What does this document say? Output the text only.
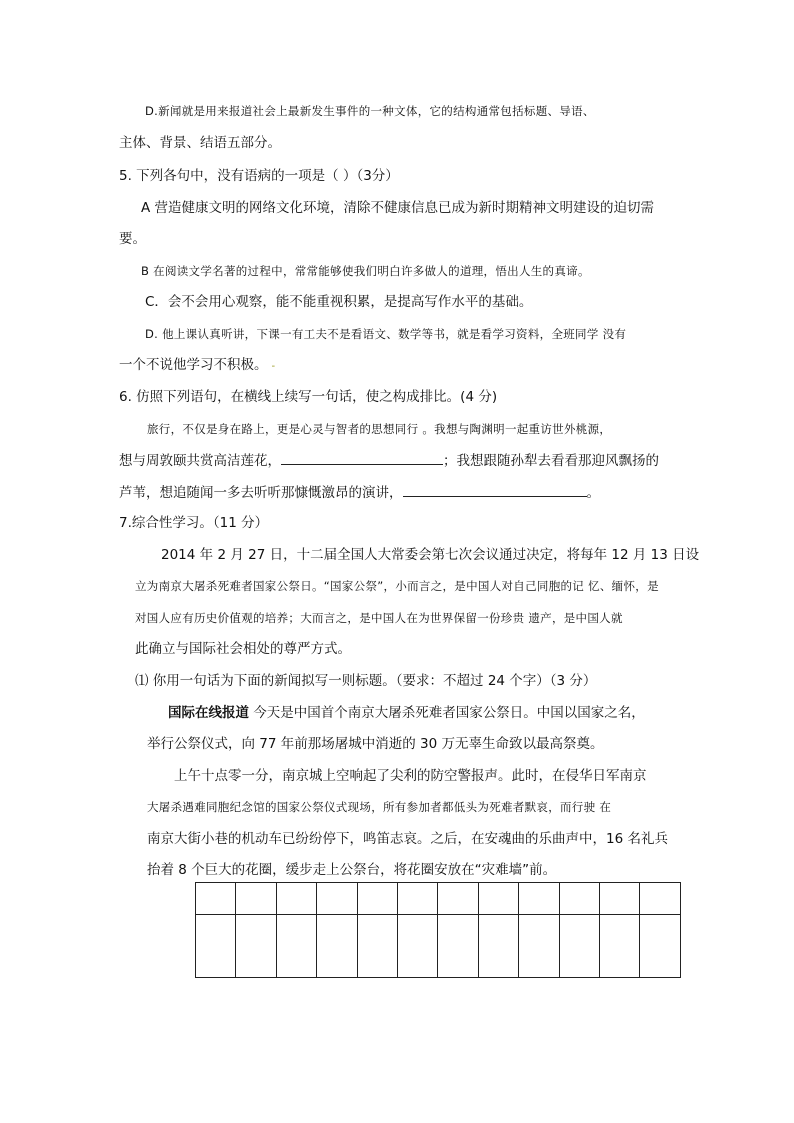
D.新闻就是用来报道社会上最新发生事件的一种文体，它的结构通常包括标题、导语、
主体、背景、结语五部分。
5. 下列各句中，没有语病的一项是（ ）（3分）
A 营造健康文明的网络文化环境，清除不健康信息已成为新时期精神文明建设的迫切需
要。
B 在阅读文学名著的过程中，常常能够使我们明白许多做人的道理，悟出人生的真谛。
C．会不会用心观察，能不能重视积累，是提高写作水平的基础。
D. 他上课认真听讲，下课一有工夫不是看语文、数学等书，就是看学习资料，全班同学 没有
一个不说他学习不积极。 -
6. 仿照下列语句，在横线上续写一句话，使之构成排比。(4 分)
旅行，不仅是身在路上，更是心灵与智者的思想同行 。我想与陶渊明一起重访世外桃源，
想与周敦颐共赏高洁莲花，	；我想跟随孙犁去看看那迎风飘扬的
芦苇，想追随闻一多去听听那慷慨激昂的演讲，	。
7.综合性学习。（11 分）
2014 年 2 月 27 日，十二届全国人大常委会第七次会议通过决定，将每年 12 月 13 日设
立为南京大屠杀死难者国家公祭日。“国家公祭”，小而言之，是中国人对自己同胞的记 忆、缅怀，是
对国人应有历史价值观的培养；大而言之，是中国人在为世界保留一份珍贵 遗产，是中国人就
此确立与国际社会相处的尊严方式。
⑴ 你用一句话为下面的新闻拟写一则标题。（要求：不超过 24 个字）（3 分）
国际在线报道 今天是中国首个南京大屠杀死难者国家公祭日。中国以国家之名，
举行公祭仪式，向 77 年前那场屠城中消逝的 30 万无辜生命致以最高祭奠。
上午十点零一分，南京城上空响起了尖利的防空警报声。此时，在侵华日军南京
大屠杀遇难同胞纪念馆的国家公祭仪式现场，所有参加者都低头为死难者默哀，而行驶 在
南京大街小巷的机动车已纷纷停下，鸣笛志哀。之后，在安魂曲的乐曲声中，16 名礼兵
抬着 8 个巨大的花圈，缓步走上公祭台，将花圈安放在“灾难墙”前。
